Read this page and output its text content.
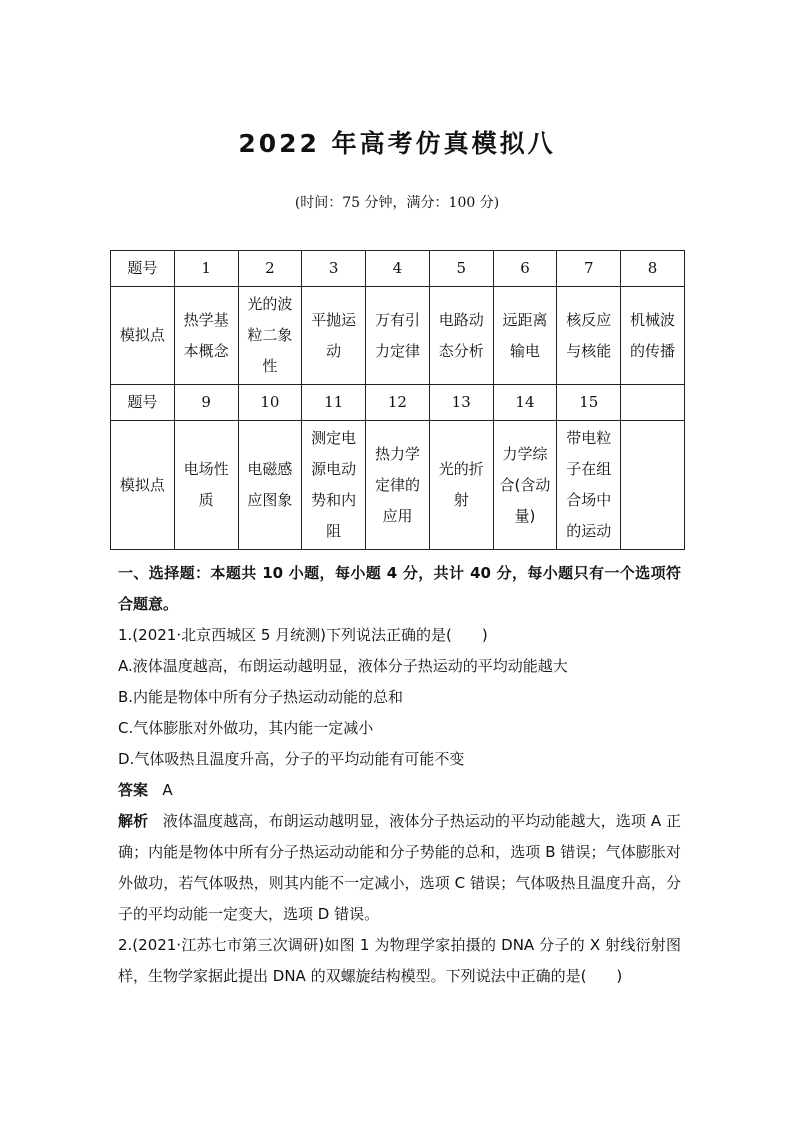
2022 年高考仿真模拟八
(时间：75 分钟，满分：100 分)
题号	1	2	3	4	5	6	7	8
模拟点	热学基本概念	光的波粒二象性	平抛运动	万有引力定律	电路动态分析	远距离输电	核反应与核能	机械波的传播
题号	9	10	11	12	13	14	15	
模拟点	电场性质	电磁感应图象	测定电源电动势和内阻	热力学定律的应用	光的折射	力学综合(含动量)	带电粒子在组合场中的运动	

一、选择题：本题共 10 小题，每小题 4 分，共计 40 分，每小题只有一个选项符合题意。

1.(2021·北京西城区 5 月统测)下列说法正确的是(　　)

A.液体温度越高，布朗运动越明显，液体分子热运动的平均动能越大

B.内能是物体中所有分子热运动动能的总和

C.气体膨胀对外做功，其内能一定减小

D.气体吸热且温度升高，分子的平均动能有可能不变

答案 A

解析 液体温度越高，布朗运动越明显，液体分子热运动的平均动能越大，选项 A 正确；内能是物体中所有分子热运动动能和分子势能的总和，选项 B 错误；气体膨胀对外做功，若气体吸热，则其内能不一定减小，选项 C 错误；气体吸热且温度升高，分子的平均动能一定变大，选项 D 错误。

2.(2021·江苏七市第三次调研)如图 1 为物理学家拍摄的 DNA 分子的 X 射线衍射图样，生物学家据此提出 DNA 的双螺旋结构模型。下列说法中正确的是(　　)
